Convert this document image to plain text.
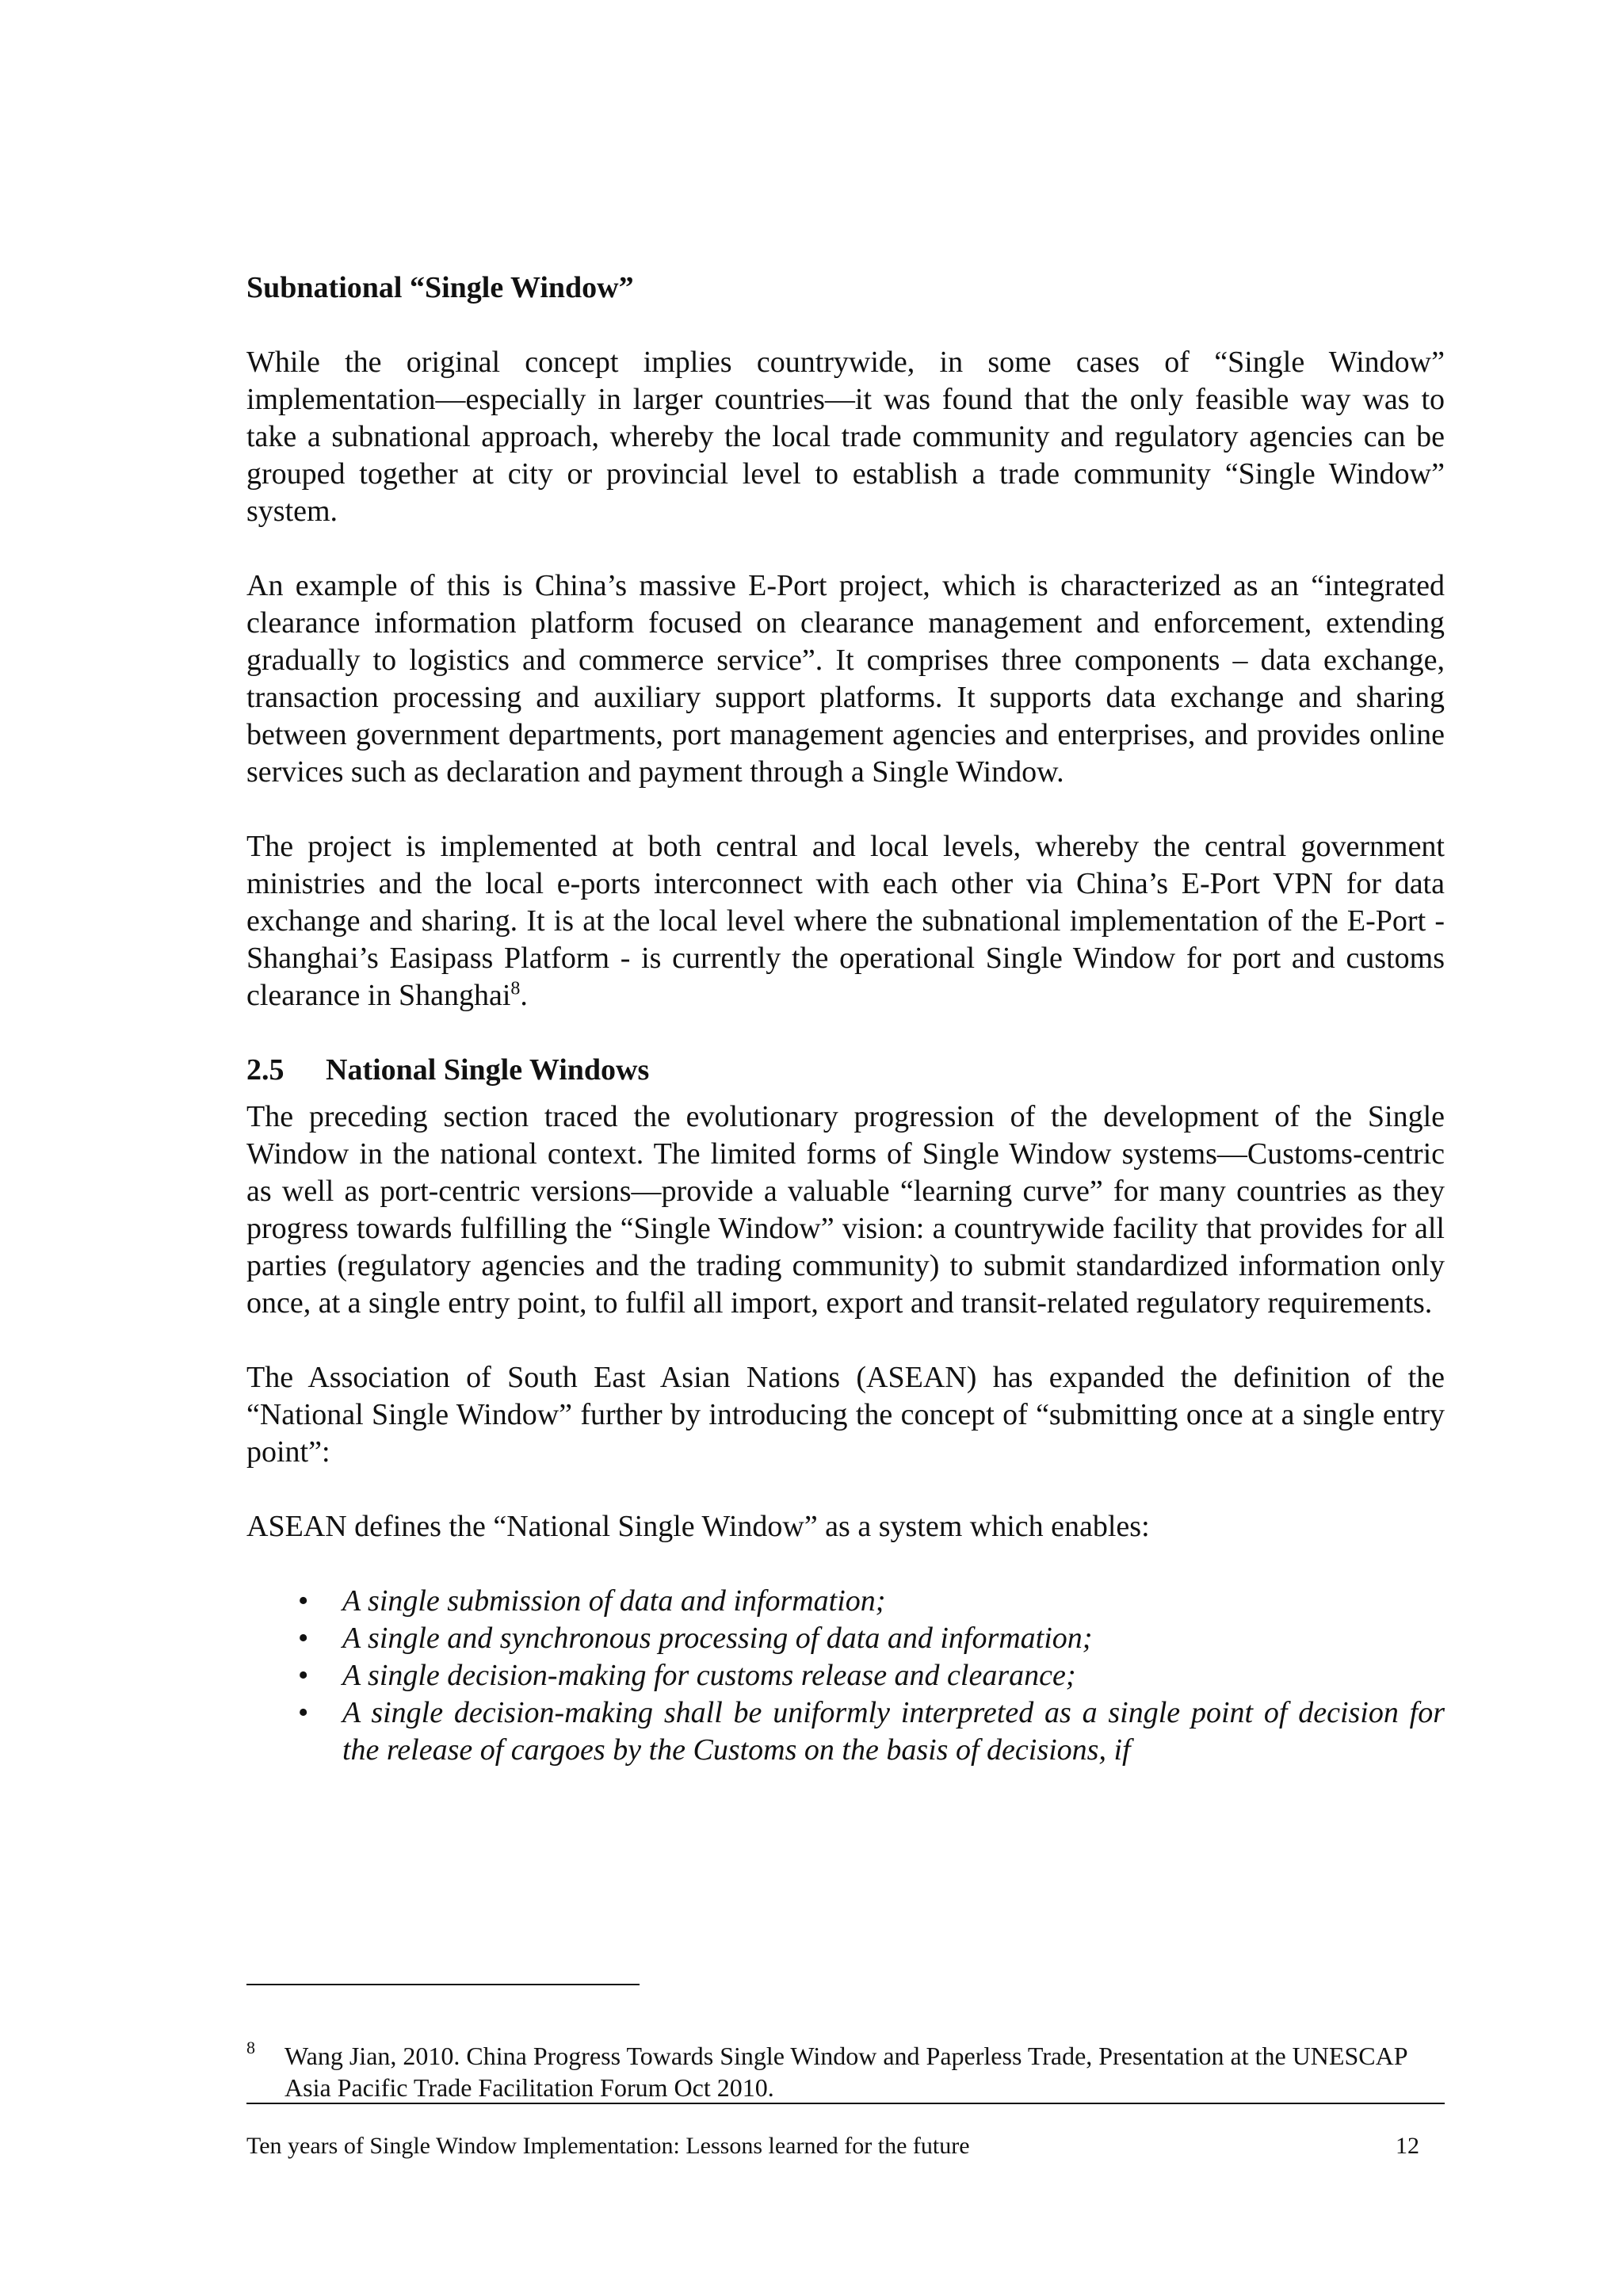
Subnational “Single Window”

While the original concept implies countrywide, in some cases of “Single Window” implementation—especially in larger countries—it was found that the only feasible way was to take a subnational approach, whereby the local trade community and regulatory agencies can be grouped together at city or provincial level to establish a trade community “Single Window” system.

An example of this is China’s massive E-Port project, which is characterized as an “integrated clearance information platform focused on clearance management and enforcement, extending gradually to logistics and commerce service”. It comprises three components – data exchange, transaction processing and auxiliary support platforms. It supports data exchange and sharing between government departments, port management agencies and enterprises, and provides online services such as declaration and payment through a Single Window.

The project is implemented at both central and local levels, whereby the central government ministries and the local e-ports interconnect with each other via China’s E-Port VPN for data exchange and sharing. It is at the local level where the subnational implementation of the E-Port - Shanghai’s Easipass Platform - is currently the operational Single Window for port and customs clearance in Shanghai$^8$.

2.5 National Single Windows

The preceding section traced the evolutionary progression of the development of the Single Window in the national context. The limited forms of Single Window systems—Customs-centric as well as port-centric versions—provide a valuable “learning curve” for many countries as they progress towards fulfilling the “Single Window” vision: a countrywide facility that provides for all parties (regulatory agencies and the trading community) to submit standardized information only once, at a single entry point, to fulfil all import, export and transit-related regulatory requirements.

The Association of South East Asian Nations (ASEAN) has expanded the definition of the “National Single Window” further by introducing the concept of “submitting once at a single entry point”:

ASEAN defines the “National Single Window” as a system which enables:

• A single submission of data and information;
• A single and synchronous processing of data and information;
• A single decision-making for customs release and clearance;
• A single decision-making shall be uniformly interpreted as a single point of decision for the release of cargoes by the Customs on the basis of decisions, if
8 Wang Jian, 2010. China Progress Towards Single Window and Paperless Trade, Presentation at the UNESCAP Asia Pacific Trade Facilitation Forum Oct 2010.
Ten years of Single Window Implementation: Lessons learned for the future	12
